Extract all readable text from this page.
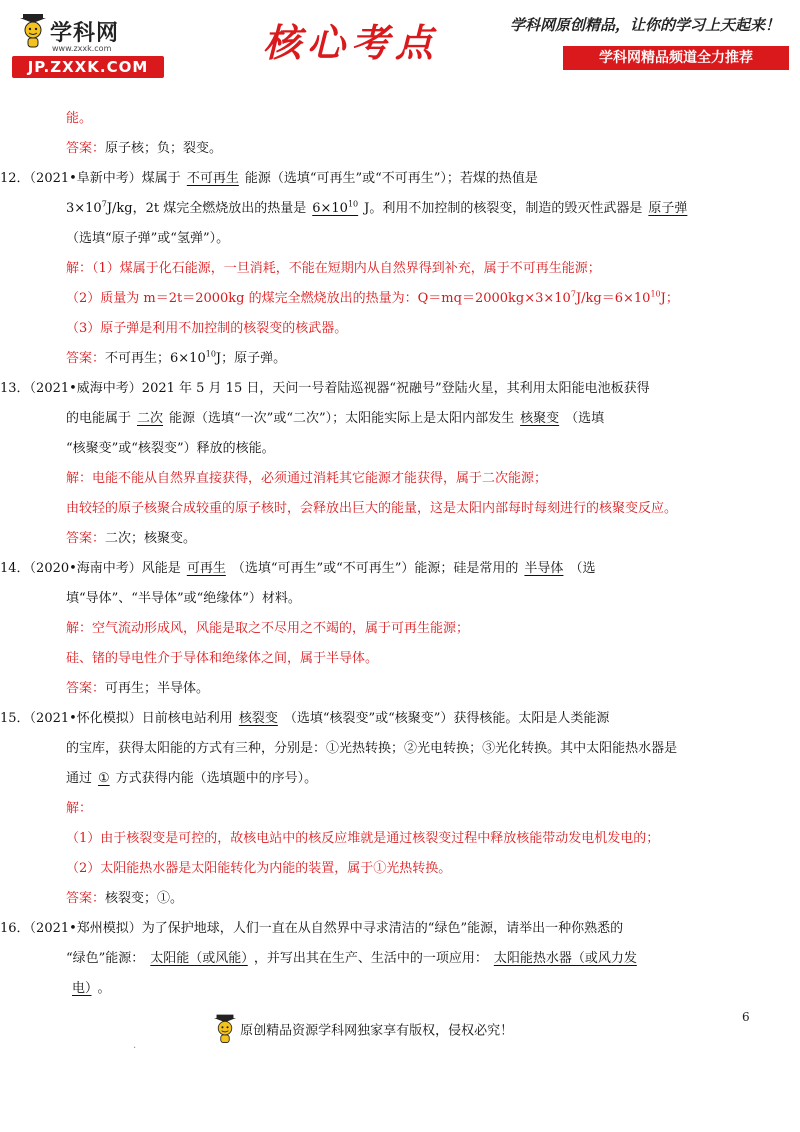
学科网
www.zxxk.com
JP.ZXXK.COM
核心考点	学科网原创精品，让你的学习上天起来！
学科网精品频道全力推荐
能。
答案：原子核；负；裂变。
12．（2021•阜新中考）煤属于 不可再生 能源（选填“可再生”或“不可再生”）；若煤的热值是
$3\times 10^7J/kg$，2t 煤完全燃烧放出的热量是 $6\times 10^{10}$ J。利用不加控制的核裂变，制造的毁灭性武器是 原子弹
（选填“原子弹”或“氢弹”）。
解：（1）煤属于化石能源，一旦消耗，不能在短期内从自然界得到补充，属于不可再生能源；
（2）质量为 m＝2t＝2000kg 的煤完全燃烧放出的热量为：$Q=mq=2000kg\times 3\times 10^7J/kg=6\times 10^{10}J$；
（3）原子弹是利用不加控制的核裂变的核武器。
答案：不可再生；$6\times 10^{10}J$；原子弹。
13．（2021•威海中考）2021 年 5 月 15 日，天问一号着陆巡视器“祝融号”登陆火星，其利用太阳能电池板获得
的电能属于 二次 能源（选填“一次”或“二次”）；太阳能实际上是太阳内部发生 核聚变 （选填
“核聚变”或“核裂变”）释放的核能。
解：电能不能从自然界直接获得，必须通过消耗其它能源才能获得，属于二次能源；
由较轻的原子核聚合成较重的原子核时，会释放出巨大的能量，这是太阳内部每时每刻进行的核聚变反应。
答案：二次；核聚变。
14．（2020•海南中考）风能是 可再生 （选填“可再生”或“不可再生”）能源；硅是常用的 半导体 （选
填“导体”、“半导体”或“绝缘体”）材料。
解：空气流动形成风，风能是取之不尽用之不竭的，属于可再生能源；
硅、锗的导电性介于导体和绝缘体之间，属于半导体。
答案：可再生；半导体。
15．（2021•怀化模拟）日前核电站利用 核裂变 （选填“核裂变”或“核聚变”）获得核能。太阳是人类能源
的宝库，获得太阳能的方式有三种，分别是：①光热转换；②光电转换；③光化转换。其中太阳能热水器是
通过 ① 方式获得内能（选填题中的序号）。
解：
（1）由于核裂变是可控的，故核电站中的核反应堆就是通过核裂变过程中释放核能带动发电机发电的；
（2）太阳能热水器是太阳能转化为内能的装置，属于①光热转换。
答案：核裂变；①。
16．（2021•郑州模拟）为了保护地球，人们一直在从自然界中寻求清洁的“绿色”能源，请举出一种你熟悉的
“绿色”能源： 太阳能（或风能） ，并写出其在生产、生活中的一项应用： 太阳能热水器（或风力发
电） 。
6
原创精品资源学科网独家享有版权，侵权必究！
.
